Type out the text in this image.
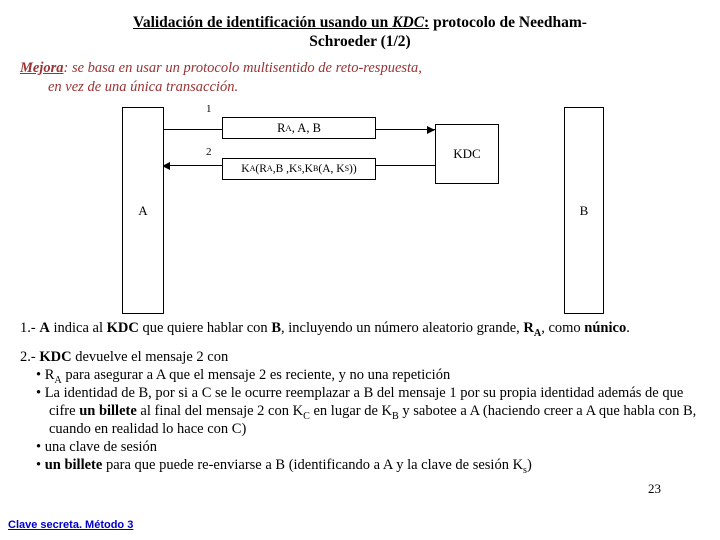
Validación de identificación usando un KDC: protocolo de Needham-
Schroeder (1/2)
Mejora: se basa en usar un protocolo multisentido de reto-respuesta,
en vez de una única transacción.
A	B
KDC
1
R A , A, B
2
K A (R A ,B ,K S ,K B (A, K S ))

1.- A indica al KDC que quiere hablar con B, incluyendo un número aleatorio grande, $R_A$, como núnico.

2.- KDC devuelve el mensaje 2 con

• $R_A$ para asegurar a A que el mensaje 2 es reciente, y no una repetición
• La identidad de B, por si a C se le ocurre reemplazar a B del mensaje 1 por su propia identidad además de que cifre un billete al final del mensaje 2 con $K_C$ en lugar de $K_B$ y sabotee a A (haciendo creer a A que habla con B, cuando en realidad lo hace con C)
• una clave de sesión
• un billete para que puede re-enviarse a B (identificando a A y la clave de sesión $K_s$)
23
Clave secreta. Método 3
